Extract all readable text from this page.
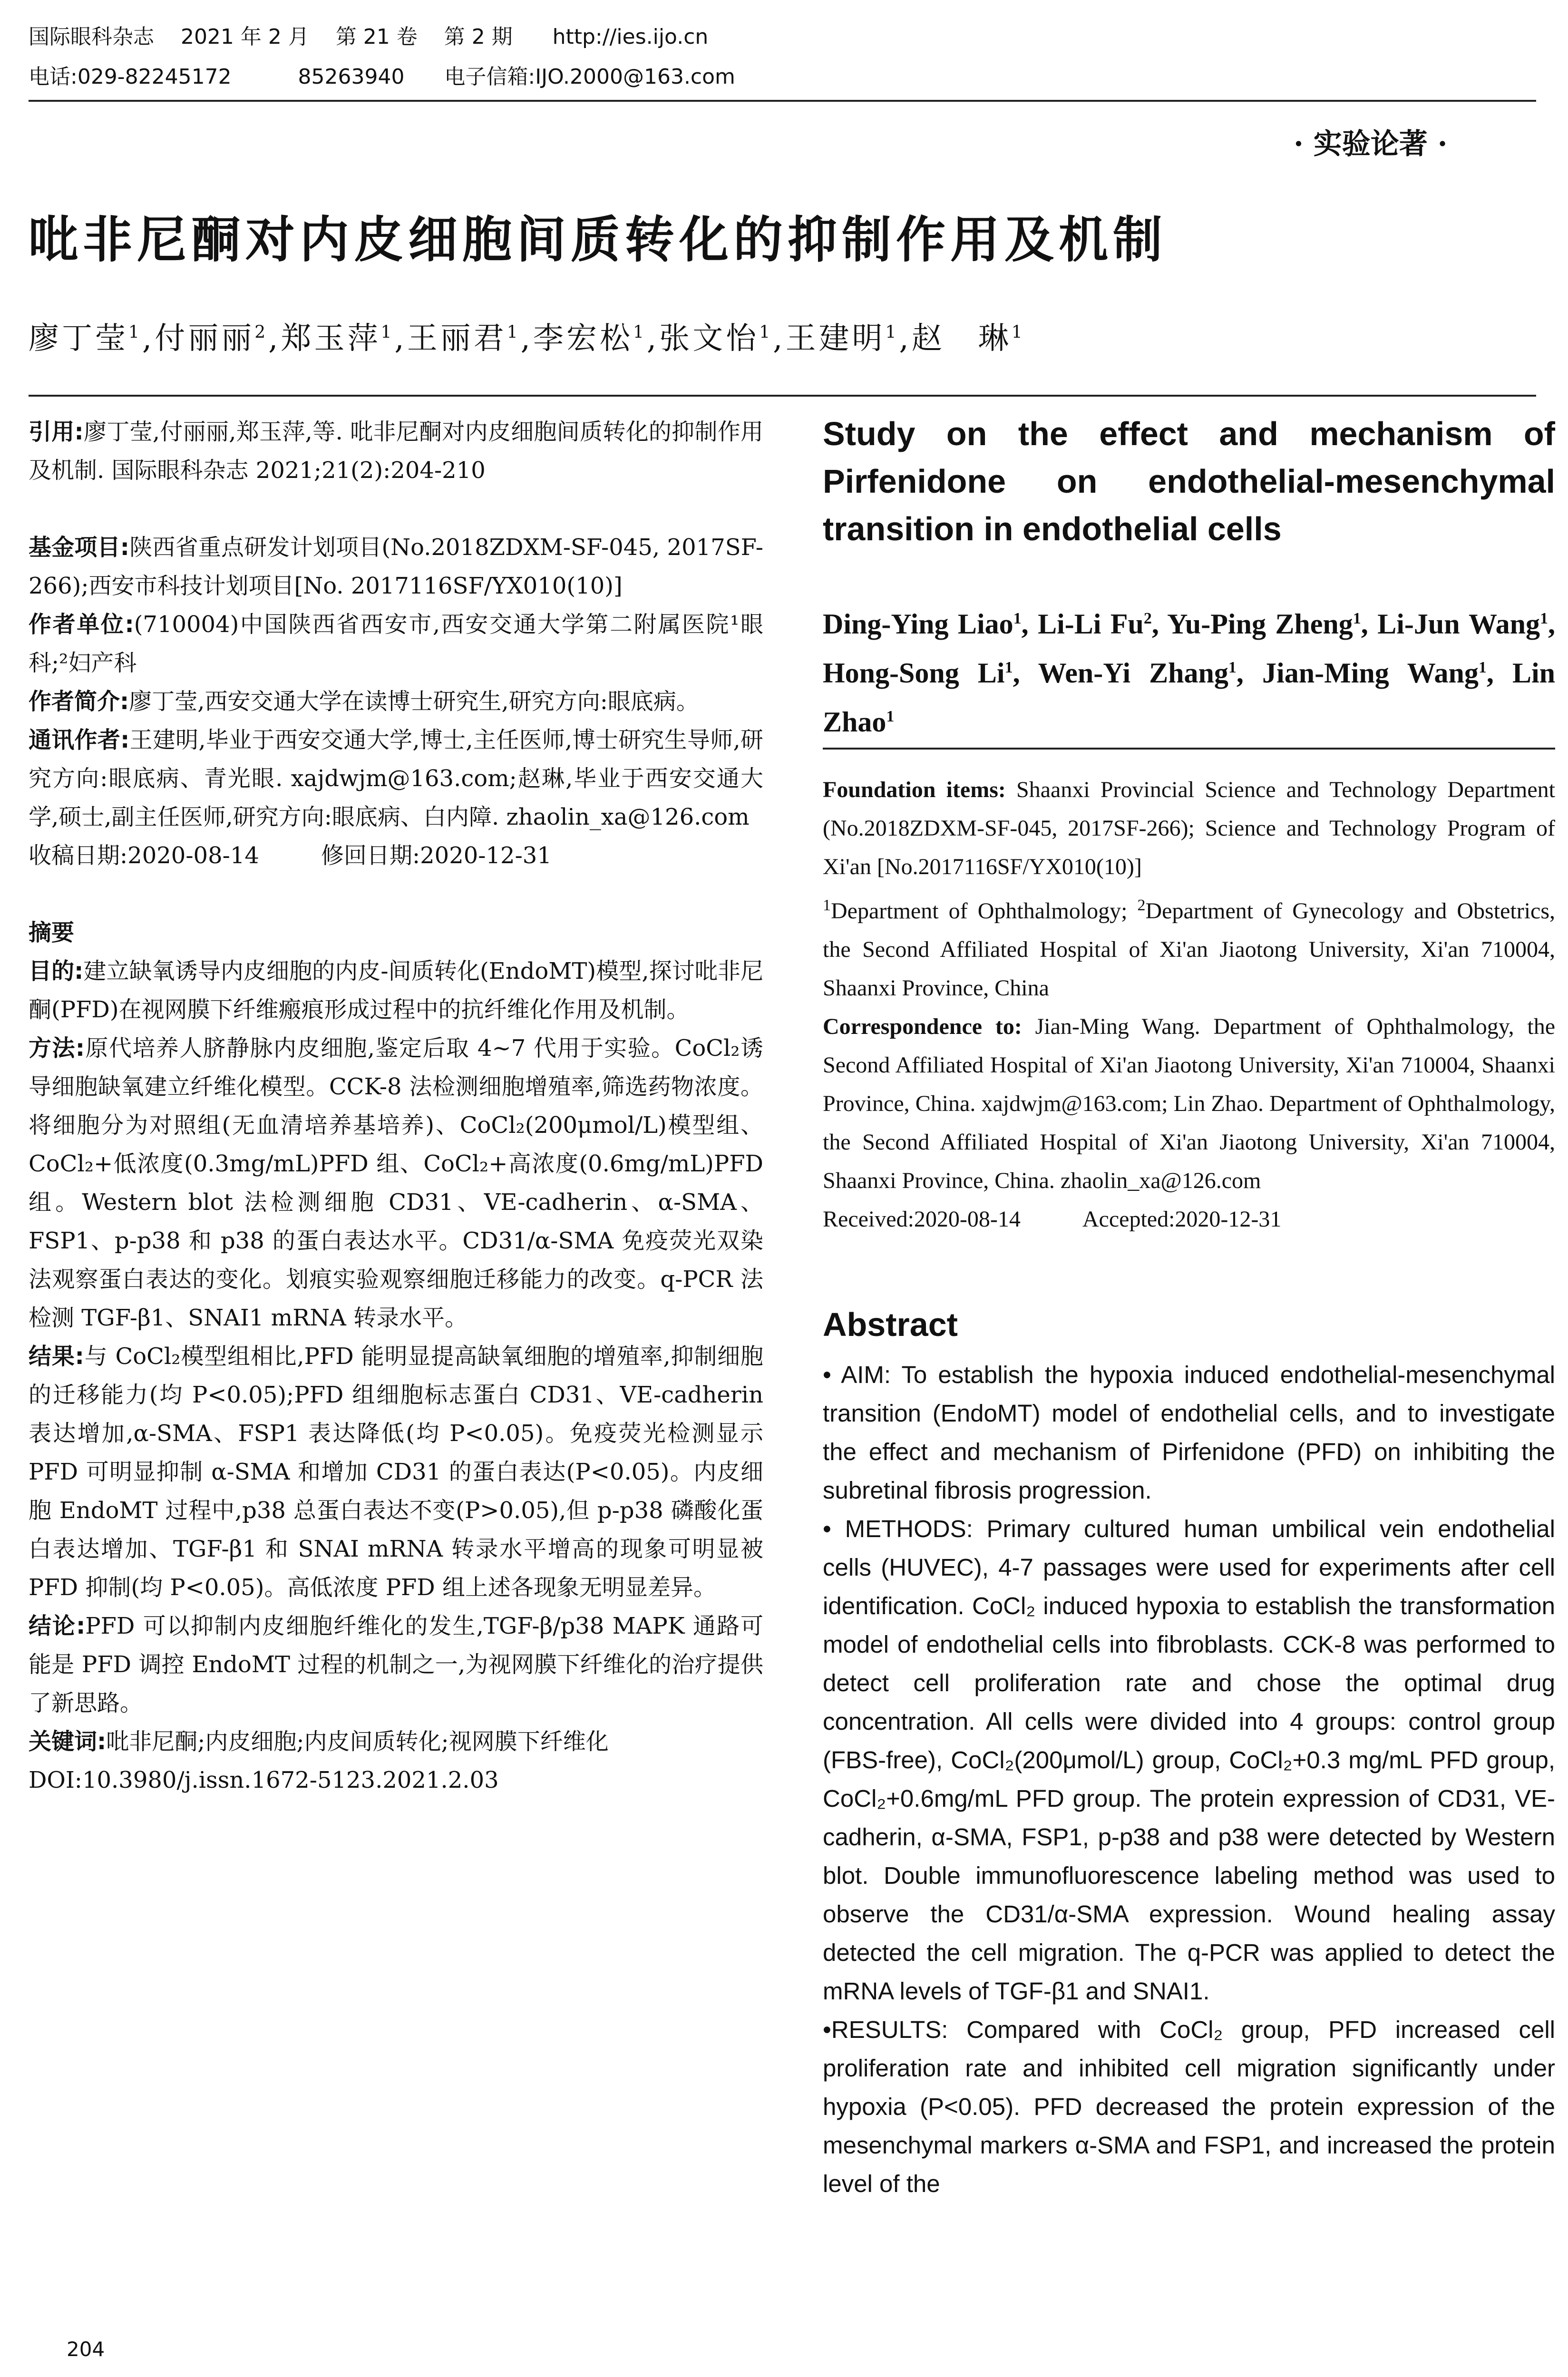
国际眼科杂志    2021 年 2 月    第 21 卷    第 2 期      http://ies.ijo.cn
电话:029-82245172          85263940      电子信箱:IJO.2000@163.com
· 实验论著 ·
吡非尼酮对内皮细胞间质转化的抑制作用及机制
廖丁莹$^1$,付丽丽$^2$,郑玉萍$^1$,王丽君$^1$,李宏松$^1$,张文怡$^1$,王建明$^1$,赵　琳$^1$

引用:廖丁莹,付丽丽,郑玉萍,等. 吡非尼酮对内皮细胞间质转化的抑制作用及机制. 国际眼科杂志 2021;21(2):204-210

基金项目:陕西省重点研发计划项目(No.2018ZDXM-SF-045, 2017SF-266);西安市科技计划项目[No. 2017116SF/YX010(10)]

作者单位:(710004)中国陕西省西安市,西安交通大学第二附属医院¹眼科;²妇产科

作者简介:廖丁莹,西安交通大学在读博士研究生,研究方向:眼底病。

通讯作者:王建明,毕业于西安交通大学,博士,主任医师,博士研究生导师,研究方向:眼底病、青光眼. xajdwjm@163.com;赵琳,毕业于西安交通大学,硕士,副主任医师,研究方向:眼底病、白内障. zhaolin_xa@126.com

收稿日期:2020-08-14	修回日期:2020-12-31

摘要

目的:建立缺氧诱导内皮细胞的内皮-间质转化(EndoMT)模型,探讨吡非尼酮(PFD)在视网膜下纤维瘢痕形成过程中的抗纤维化作用及机制。

方法:原代培养人脐静脉内皮细胞,鉴定后取 4~7 代用于实验。CoCl₂诱导细胞缺氧建立纤维化模型。CCK-8 法检测细胞增殖率,筛选药物浓度。将细胞分为对照组(无血清培养基培养)、CoCl₂(200μmol/L)模型组、CoCl₂+低浓度(0.3mg/mL)PFD 组、CoCl₂+高浓度(0.6mg/mL)PFD 组。Western blot 法检测细胞 CD31、VE-cadherin、α-SMA、FSP1、p-p38 和 p38 的蛋白表达水平。CD31/α-SMA 免疫荧光双染法观察蛋白表达的变化。划痕实验观察细胞迁移能力的改变。q-PCR 法检测 TGF-β1、SNAI1 mRNA 转录水平。

结果:与 CoCl₂模型组相比,PFD 能明显提高缺氧细胞的增殖率,抑制细胞的迁移能力(均 P<0.05);PFD 组细胞标志蛋白 CD31、VE-cadherin 表达增加,α-SMA、FSP1 表达降低(均 P<0.05)。免疫荧光检测显示 PFD 可明显抑制 α-SMA 和增加 CD31 的蛋白表达(P<0.05)。内皮细胞 EndoMT 过程中,p38 总蛋白表达不变(P>0.05),但 p-p38 磷酸化蛋白表达增加、TGF-β1 和 SNAI mRNA 转录水平增高的现象可明显被 PFD 抑制(均 P<0.05)。高低浓度 PFD 组上述各现象无明显差异。

结论:PFD 可以抑制内皮细胞纤维化的发生,TGF-β/p38 MAPK 通路可能是 PFD 调控 EndoMT 过程的机制之一,为视网膜下纤维化的治疗提供了新思路。

关键词:吡非尼酮;内皮细胞;内皮间质转化;视网膜下纤维化

DOI:10.3980/j.issn.1672-5123.2021.2.03

Study on the effect and mechanism of Pirfenidone on endothelial-mesenchymal transition in endothelial cells
Ding-Ying Liao$^1$, Li-Li Fu$^2$, Yu-Ping Zheng$^1$, Li-Jun Wang$^1$, Hong-Song Li$^1$, Wen-Yi Zhang$^1$, Jian-Ming Wang$^1$, Lin Zhao$^1$

Foundation items: Shaanxi Provincial Science and Technology Department (No.2018ZDXM-SF-045, 2017SF-266); Science and Technology Program of Xi'an [No.2017116SF/YX010(10)]

$^1$Department of Ophthalmology; $^2$Department of Gynecology and Obstetrics, the Second Affiliated Hospital of Xi'an Jiaotong University, Xi'an 710004, Shaanxi Province, China

Correspondence to: Jian-Ming Wang. Department of Ophthalmology, the Second Affiliated Hospital of Xi'an Jiaotong University, Xi'an 710004, Shaanxi Province, China. xajdwjm@163.com; Lin Zhao. Department of Ophthalmology, the Second Affiliated Hospital of Xi'an Jiaotong University, Xi'an 710004, Shaanxi Province, China. zhaolin_xa@126.com

Received:2020-08-14	Accepted:2020-12-31

Abstract

• AIM: To establish the hypoxia induced endothelial-mesenchymal transition (EndoMT) model of endothelial cells, and to investigate the effect and mechanism of Pirfenidone (PFD) on inhibiting the subretinal fibrosis progression.

• METHODS: Primary cultured human umbilical vein endothelial cells (HUVEC), 4-7 passages were used for experiments after cell identification. CoCl₂ induced hypoxia to establish the transformation model of endothelial cells into fibroblasts. CCK-8 was performed to detect cell proliferation rate and chose the optimal drug concentration. All cells were divided into 4 groups: control group (FBS-free), CoCl₂(200μmol/L) group, CoCl₂+0.3 mg/mL PFD group, CoCl₂+0.6mg/mL PFD group. The protein expression of CD31, VE-cadherin, α-SMA, FSP1, p-p38 and p38 were detected by Western blot. Double immunofluorescence labeling method was used to observe the CD31/α-SMA expression. Wound healing assay detected the cell migration. The q-PCR was applied to detect the mRNA levels of TGF-β1 and SNAI1.

•RESULTS: Compared with CoCl₂ group, PFD increased cell proliferation rate and inhibited cell migration significantly under hypoxia (P<0.05). PFD decreased the protein expression of the mesenchymal markers α-SMA and FSP1, and increased the protein level of the

204
